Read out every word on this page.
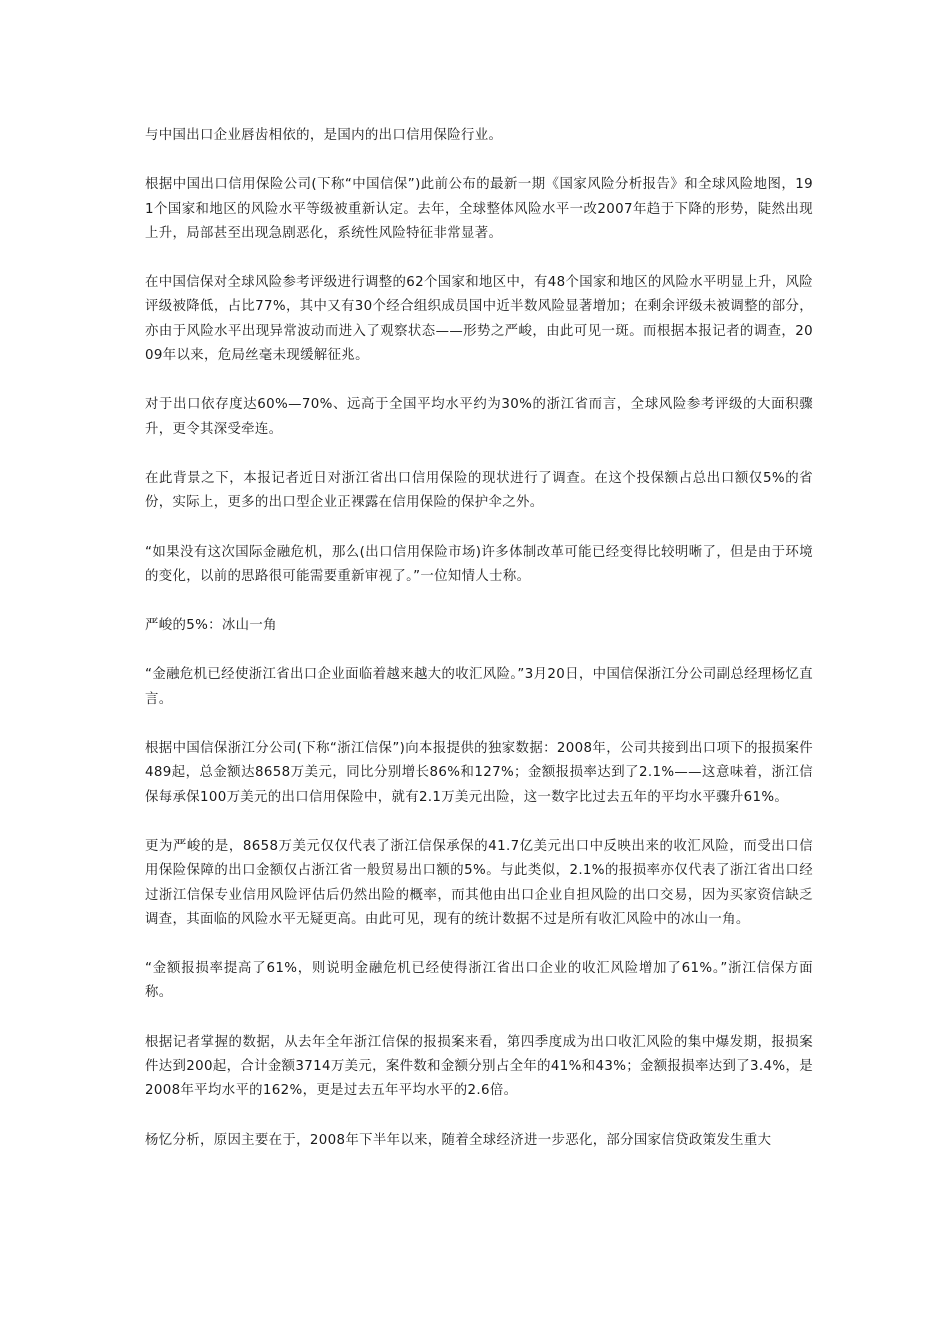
与中国出口企业唇齿相依的，是国内的出口信用保险行业。

根据中国出口信用保险公司(下称“中国信保”)此前公布的最新一期《国家风险分析报告》和全球风险地图，191个国家和地区的风险水平等级被重新认定。去年，全球整体风险水平一改2007年趋于下降的形势，陡然出现上升，局部甚至出现急剧恶化，系统性风险特征非常显著。

在中国信保对全球风险参考评级进行调整的62个国家和地区中，有48个国家和地区的风险水平明显上升，风险评级被降低，占比77%，其中又有30个经合组织成员国中近半数风险显著增加；在剩余评级未被调整的部分，亦由于风险水平出现异常波动而进入了观察状态——形势之严峻，由此可见一斑。而根据本报记者的调查，2009年以来，危局丝毫未现缓解征兆。

对于出口依存度达60%—70%、远高于全国平均水平约为30%的浙江省而言，全球风险参考评级的大面积骤升，更令其深受牵连。

在此背景之下，本报记者近日对浙江省出口信用保险的现状进行了调查。在这个投保额占总出口额仅5%的省份，实际上，更多的出口型企业正裸露在信用保险的保护伞之外。

“如果没有这次国际金融危机，那么(出口信用保险市场)许多体制改革可能已经变得比较明晰了，但是由于环境的变化，以前的思路很可能需要重新审视了。”一位知情人士称。

严峻的5%：冰山一角

“金融危机已经使浙江省出口企业面临着越来越大的收汇风险。”3月20日，中国信保浙江分公司副总经理杨忆直言。

根据中国信保浙江分公司(下称“浙江信保”)向本报提供的独家数据：2008年，公司共接到出口项下的报损案件489起，总金额达8658万美元，同比分别增长86%和127%；金额报损率达到了2.1%——这意味着，浙江信保每承保100万美元的出口信用保险中，就有2.1万美元出险，这一数字比过去五年的平均水平骤升61%。

更为严峻的是，8658万美元仅仅代表了浙江信保承保的41.7亿美元出口中反映出来的收汇风险，而受出口信用保险保障的出口金额仅占浙江省一般贸易出口额的5%。与此类似，2.1%的报损率亦仅代表了浙江省出口经过浙江信保专业信用风险评估后仍然出险的概率，而其他由出口企业自担风险的出口交易，因为买家资信缺乏调查，其面临的风险水平无疑更高。由此可见，现有的统计数据不过是所有收汇风险中的冰山一角。

“金额报损率提高了61%，则说明金融危机已经使得浙江省出口企业的收汇风险增加了61%。”浙江信保方面称。

根据记者掌握的数据，从去年全年浙江信保的报损案来看，第四季度成为出口收汇风险的集中爆发期，报损案件达到200起，合计金额3714万美元，案件数和金额分别占全年的41%和43%；金额报损率达到了3.4%，是2008年平均水平的162%，更是过去五年平均水平的2.6倍。

杨忆分析，原因主要在于，2008年下半年以来，随着全球经济进一步恶化，部分国家信贷政策发生重大
